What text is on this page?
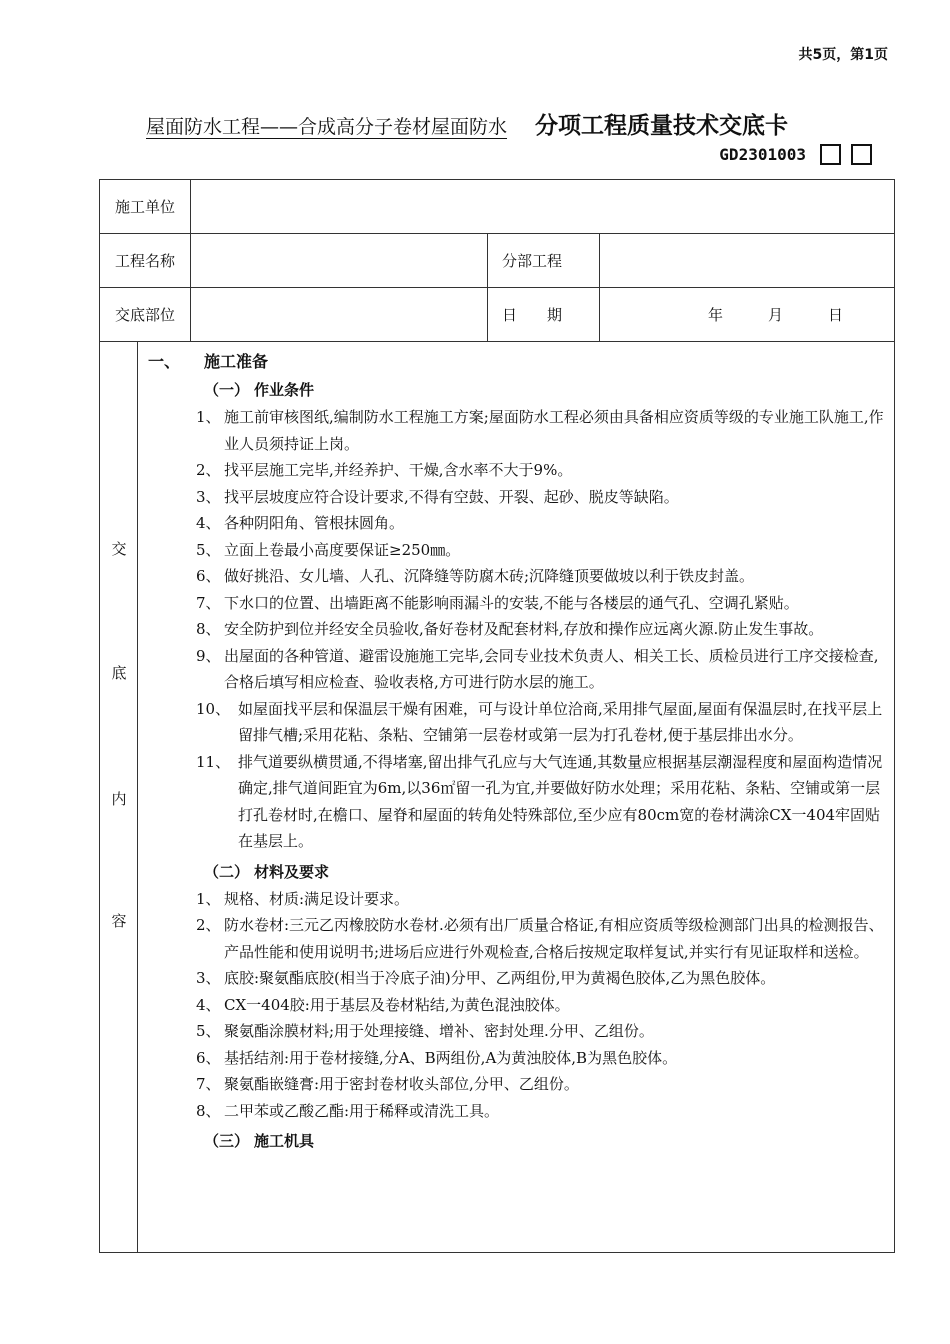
共5页，第1页
屋面防水工程——合成高分子卷材屋面防水 分项工程质量技术交底卡
GD2301003
施工单位			
工程名称		分部工程	
交底部位		日　　期	年　　　月　　　日
交
底
内
容
一、 施工准备
（一） 作业条件
1、 施工前审核图纸,编制防水工程施工方案;屋面防水工程必须由具备相应资质等级的专业施工队施工,作业人员须持证上岗。
2、 找平层施工完毕,并经养护、干燥,含水率不大于9%。
3、 找平层坡度应符合设计要求,不得有空鼓、开裂、起砂、脱皮等缺陷。
4、 各种阴阳角、管根抹圆角。
5、 立面上卷最小高度要保证≥250㎜。
6、 做好挑沿、女儿墙、人孔、沉降缝等防腐木砖;沉降缝顶要做坡以利于铁皮封盖。
7、 下水口的位置、出墙距离不能影响雨漏斗的安装,不能与各楼层的通气孔、空调孔紧贴。
8、 安全防护到位并经安全员验收,备好卷材及配套材料,存放和操作应远离火源.防止发生事故。
9、 出屋面的各种管道、避雷设施施工完毕,会同专业技术负责人、相关工长、质检员进行工序交接检查,合格后填写相应检查、验收表格,方可进行防水层的施工。
10、 如屋面找平层和保温层干燥有困难，可与设计单位洽商,采用排气屋面,屋面有保温层时,在找平层上留排气槽;采用花粘、条粘、空铺第一层卷材或第一层为打孔卷材,便于基层排出水分。
11、 排气道要纵横贯通,不得堵塞,留出排气孔应与大气连通,其数量应根据基层潮湿程度和屋面构造情况确定,排气道间距宜为6m,以36㎡留一孔为宜,并要做好防水处理；采用花粘、条粘、空铺或第一层打孔卷材时,在檐口、屋脊和屋面的转角处特殊部位,至少应有80cm宽的卷材满涂CX一404牢固贴在基层上。
（二） 材料及要求
1、 规格、材质:满足设计要求。
2、 防水卷材:三元乙丙橡胶防水卷材.必须有出厂质量合格证,有相应资质等级检测部门出具的检测报告、产品性能和使用说明书;进场后应进行外观检查,合格后按规定取样复试,并实行有见证取样和送检。
3、 底胶:聚氨酯底胶(相当于冷底子油)分甲、乙两组份,甲为黄褐色胶体,乙为黑色胶体。
4、 CX一404胶:用于基层及卷材粘结,为黄色混浊胶体。
5、 聚氨酯涂膜材料;用于处理接缝、增补、密封处理.分甲、乙组份。
6、 基括结剂:用于卷材接缝,分A、B两组份,A为黄浊胶体,B为黑色胶体。
7、 聚氨酯嵌缝膏:用于密封卷材收头部位,分甲、乙组份。
8、 二甲苯或乙酸乙酯:用于稀释或清洗工具。
（三） 施工机具
